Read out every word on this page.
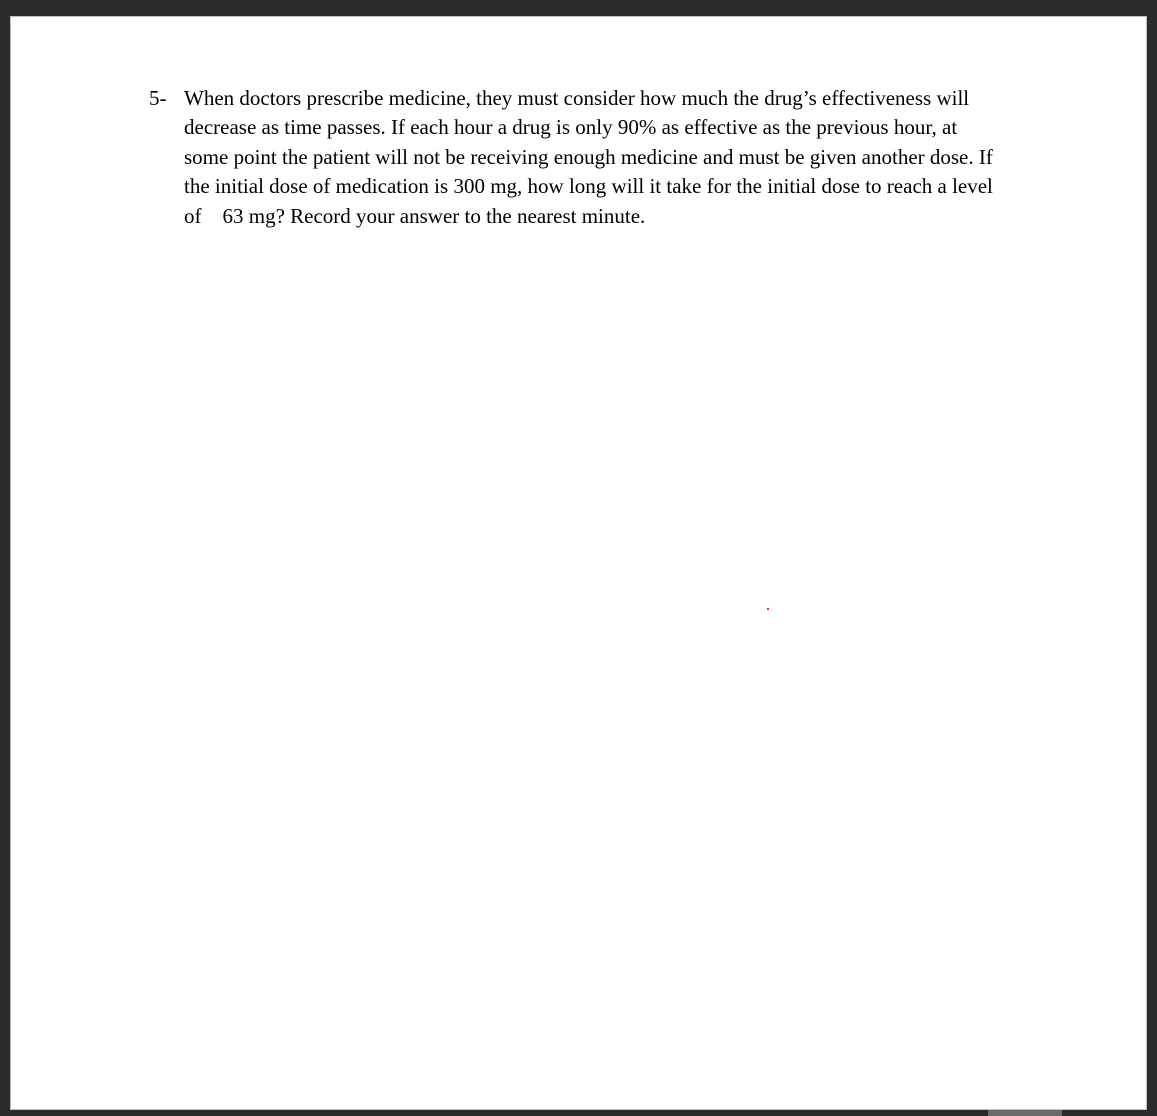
5- When doctors prescribe medicine, they must consider how much the drug’s effectiveness will
decrease as time passes. If each hour a drug is only 90% as effective as the previous hour, at
some point the patient will not be receiving enough medicine and must be given another dose. If
the initial dose of medication is 300 mg, how long will it take for the initial dose to reach a level
of    63 mg? Record your answer to the nearest minute.
